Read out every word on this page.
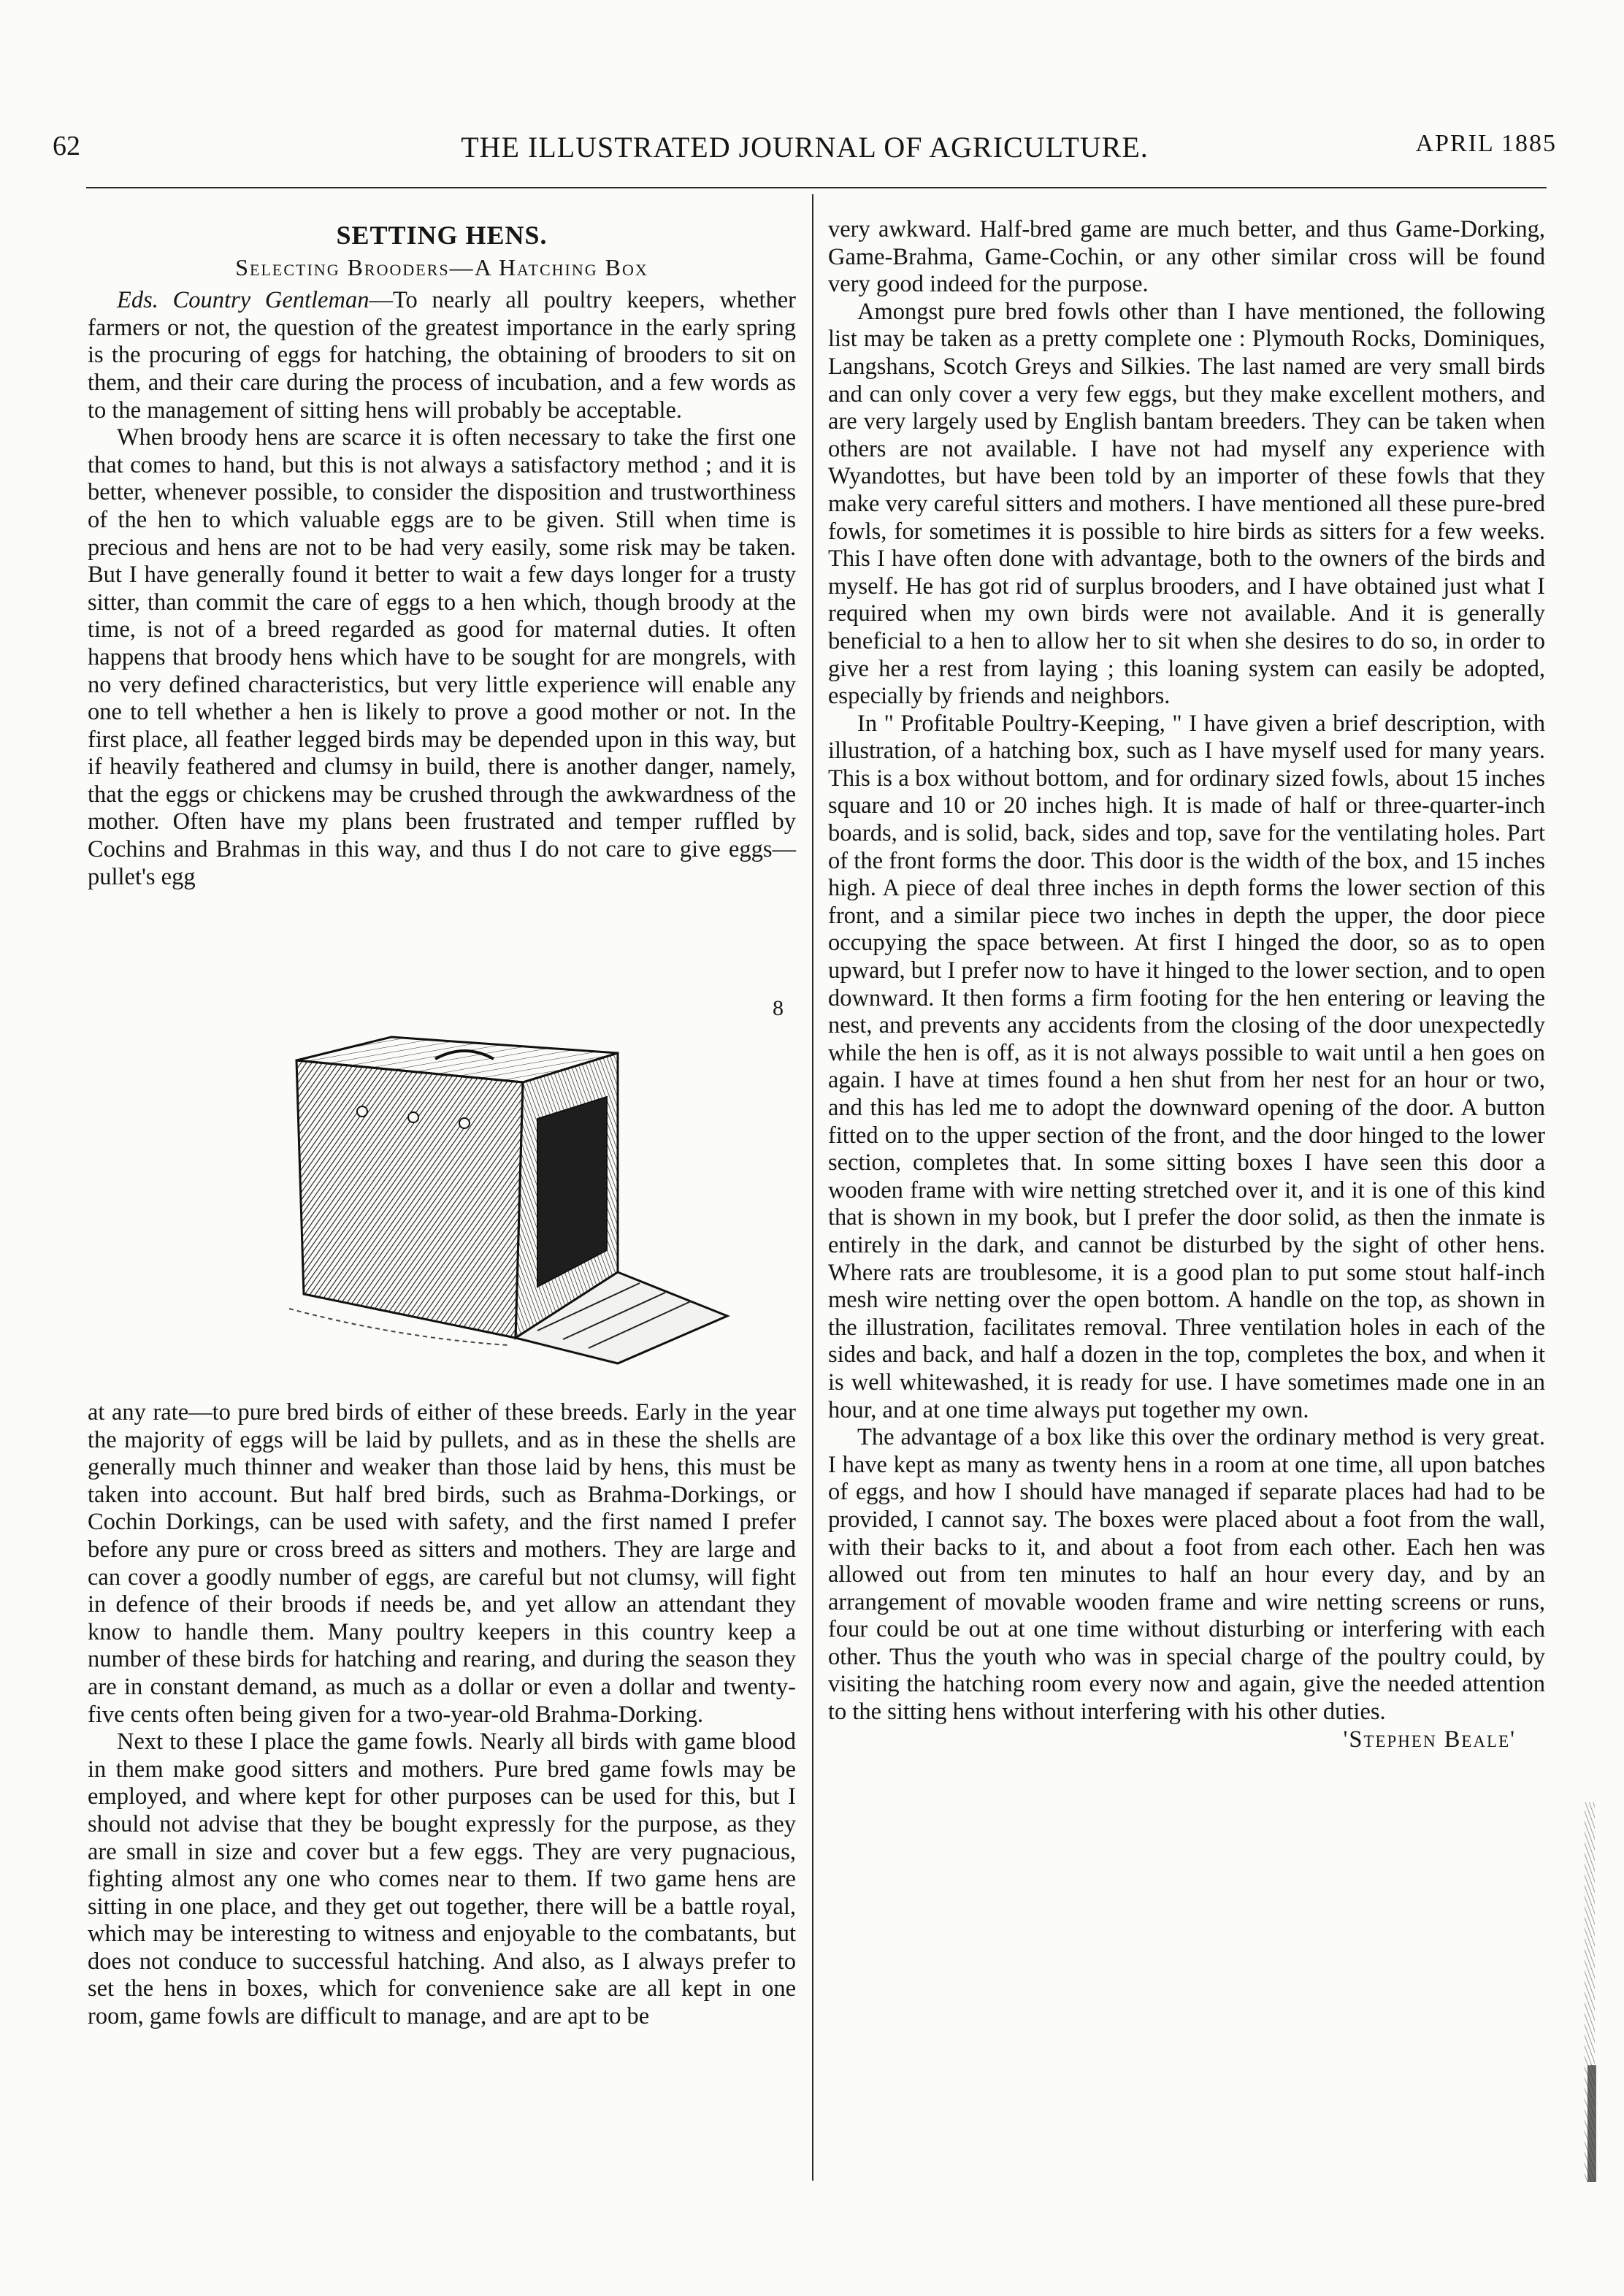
62	THE ILLUSTRATED JOURNAL OF AGRICULTURE.	APRIL 1885
SETTING HENS.
Selecting Brooders—A Hatching Box

Eds. Country Gentleman—To nearly all poultry keepers, whether farmers or not, the question of the greatest importance in the early spring is the procuring of eggs for hatching, the obtaining of brooders to sit on them, and their care during the process of incubation, and a few words as to the management of sitting hens will probably be acceptable.

When broody hens are scarce it is often necessary to take the first one that comes to hand, but this is not always a satisfactory method ; and it is better, whenever possible, to consider the disposition and trustworthiness of the hen to which valuable eggs are to be given. Still when time is precious and hens are not to be had very easily, some risk may be taken. But I have generally found it better to wait a few days longer for a trusty sitter, than commit the care of eggs to a hen which, though broody at the time, is not of a breed regarded as good for maternal duties. It often happens that broody hens which have to be sought for are mongrels, with no very defined characteristics, but very little experience will enable any one to tell whether a hen is likely to prove a good mother or not. In the first place, all feather legged birds may be depended upon in this way, but if heavily feathered and clumsy in build, there is another danger, namely, that the eggs or chickens may be crushed through the awkwardness of the mother. Often have my plans been frustrated and temper ruffled by Cochins and Brahmas in this way, and thus I do not care to give eggs—pullet's egg

8

at any rate—to pure bred birds of either of these breeds. Early in the year the majority of eggs will be laid by pullets, and as in these the shells are generally much thinner and weaker than those laid by hens, this must be taken into account. But half bred birds, such as Brahma-Dorkings, or Cochin Dorkings, can be used with safety, and the first named I prefer before any pure or cross breed as sitters and mothers. They are large and can cover a goodly number of eggs, are careful but not clumsy, will fight in defence of their broods if needs be, and yet allow an attendant they know to handle them. Many poultry keepers in this country keep a number of these birds for hatching and rearing, and during the season they are in constant demand, as much as a dollar or even a dollar and twenty-five cents often being given for a two-year-old Brahma-Dorking.

Next to these I place the game fowls. Nearly all birds with game blood in them make good sitters and mothers. Pure bred game fowls may be employed, and where kept for other purposes can be used for this, but I should not advise that they be bought expressly for the purpose, as they are small in size and cover but a few eggs. They are very pugnacious, fighting almost any one who comes near to them. If two game hens are sitting in one place, and they get out together, there will be a battle royal, which may be interesting to witness and enjoyable to the combatants, but does not conduce to successful hatching. And also, as I always prefer to set the hens in boxes, which for convenience sake are all kept in one room, game fowls are difficult to manage, and are apt to be

very awkward. Half-bred game are much better, and thus Game-Dorking, Game-Brahma, Game-Cochin, or any other similar cross will be found very good indeed for the purpose.

Amongst pure bred fowls other than I have mentioned, the following list may be taken as a pretty complete one : Plymouth Rocks, Dominiques, Langshans, Scotch Greys and Silkies. The last named are very small birds and can only cover a very few eggs, but they make excellent mothers, and are very largely used by English bantam breeders. They can be taken when others are not available. I have not had myself any experience with Wyandottes, but have been told by an importer of these fowls that they make very careful sitters and mothers. I have mentioned all these pure-bred fowls, for sometimes it is possible to hire birds as sitters for a few weeks. This I have often done with advantage, both to the owners of the birds and myself. He has got rid of surplus brooders, and I have obtained just what I required when my own birds were not available. And it is generally beneficial to a hen to allow her to sit when she desires to do so, in order to give her a rest from laying ; this loaning system can easily be adopted, especially by friends and neighbors.

In " Profitable Poultry-Keeping, " I have given a brief description, with illustration, of a hatching box, such as I have myself used for many years. This is a box without bottom, and for ordinary sized fowls, about 15 inches square and 10 or 20 inches high. It is made of half or three-quarter-inch boards, and is solid, back, sides and top, save for the ventilating holes. Part of the front forms the door. This door is the width of the box, and 15 inches high. A piece of deal three inches in depth forms the lower section of this front, and a similar piece two inches in depth the upper, the door piece occupying the space between. At first I hinged the door, so as to open upward, but I prefer now to have it hinged to the lower section, and to open downward. It then forms a firm footing for the hen entering or leaving the nest, and prevents any accidents from the closing of the door unexpectedly while the hen is off, as it is not always possible to wait until a hen goes on again. I have at times found a hen shut from her nest for an hour or two, and this has led me to adopt the downward opening of the door. A button fitted on to the upper section of the front, and the door hinged to the lower section, completes that. In some sitting boxes I have seen this door a wooden frame with wire netting stretched over it, and it is one of this kind that is shown in my book, but I prefer the door solid, as then the inmate is entirely in the dark, and cannot be disturbed by the sight of other hens. Where rats are troublesome, it is a good plan to put some stout half-inch mesh wire netting over the open bottom. A handle on the top, as shown in the illustration, facilitates removal. Three ventilation holes in each of the sides and back, and half a dozen in the top, completes the box, and when it is well whitewashed, it is ready for use. I have sometimes made one in an hour, and at one time always put together my own.

The advantage of a box like this over the ordinary method is very great. I have kept as many as twenty hens in a room at one time, all upon batches of eggs, and how I should have managed if separate places had had to be provided, I cannot say. The boxes were placed about a foot from the wall, with their backs to it, and about a foot from each other. Each hen was allowed out from ten minutes to half an hour every day, and by an arrangement of movable wooden frame and wire netting screens or runs, four could be out at one time without disturbing or interfering with each other. Thus the youth who was in special charge of the poultry could, by visiting the hatching room every now and again, give the needed attention to the sitting hens without interfering with his other duties.

'Stephen Beale'
